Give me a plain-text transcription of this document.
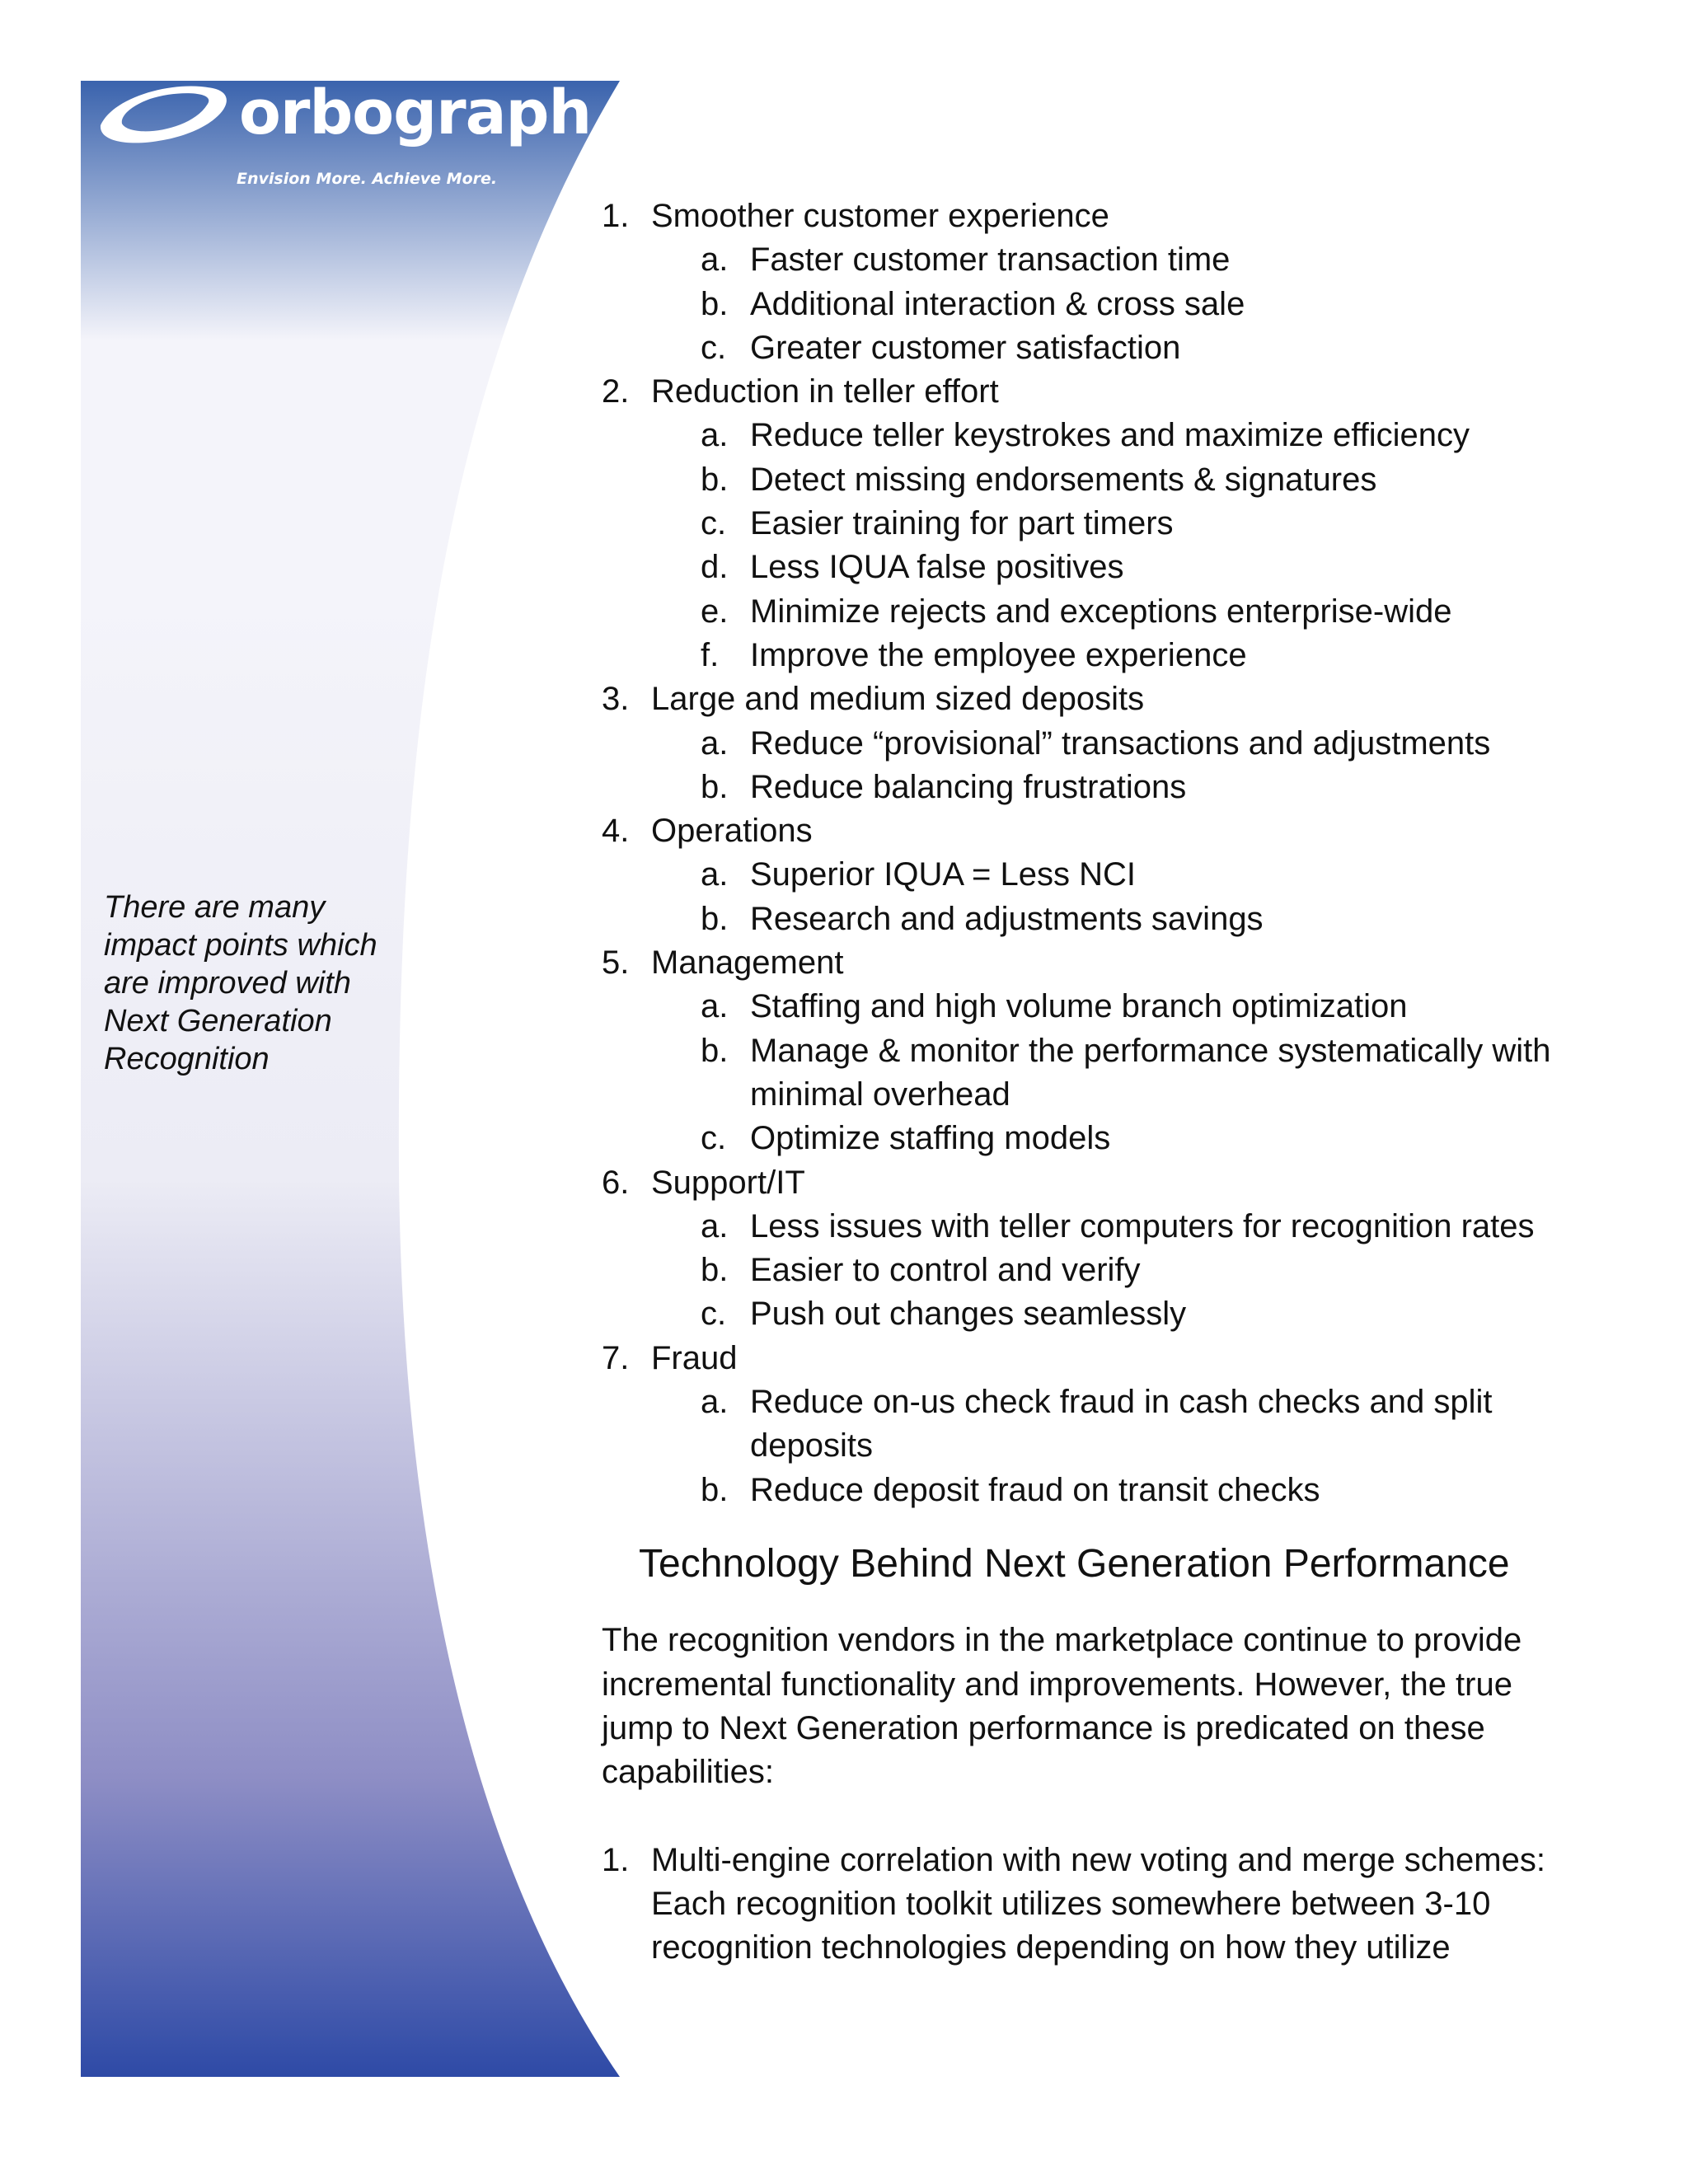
orbograph
Envision More. Achieve More.
There are many
impact points which
are improved with
Next Generation
Recognition
1. Smoother customer experience
a. Faster customer transaction time
b. Additional interaction & cross sale
c. Greater customer satisfaction
2. Reduction in teller effort
a. Reduce teller keystrokes and maximize efficiency
b. Detect missing endorsements & signatures
c. Easier training for part timers
d. Less IQUA false positives
e. Minimize rejects and exceptions enterprise-wide
f. Improve the employee experience
3. Large and medium sized deposits
a. Reduce “provisional” transactions and adjustments
b. Reduce balancing frustrations
4. Operations
a. Superior IQUA = Less NCI
b. Research and adjustments savings
5. Management
a. Staffing and high volume branch optimization
b. Manage & monitor the performance systematically with
minimal overhead
c. Optimize staffing models
6. Support/IT
a. Less issues with teller computers for recognition rates
b. Easier to control and verify
c. Push out changes seamlessly
7. Fraud
a. Reduce on-us check fraud in cash checks and split
deposits
b. Reduce deposit fraud on transit checks
Technology Behind Next Generation Performance
The recognition vendors in the marketplace continue to provide
incremental functionality and improvements. However, the true
jump to Next Generation performance is predicated on these
capabilities:
1. Multi-engine correlation with new voting and merge schemes:
Each recognition toolkit utilizes somewhere between 3-10
recognition technologies depending on how they utilize
